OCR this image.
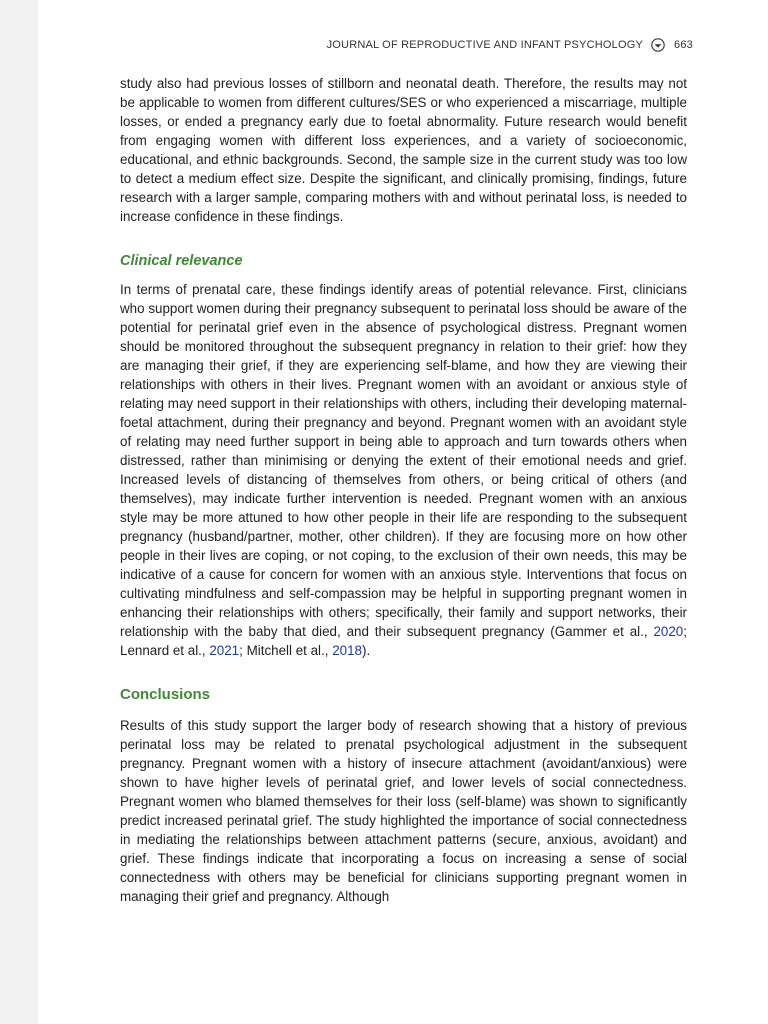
JOURNAL OF REPRODUCTIVE AND INFANT PSYCHOLOGY	663

study also had previous losses of stillborn and neonatal death. Therefore, the results may not be applicable to women from different cultures/SES or who experienced a miscarriage, multiple losses, or ended a pregnancy early due to foetal abnormality. Future research would benefit from engaging women with different loss experiences, and a variety of socioeconomic, educational, and ethnic backgrounds. Second, the sample size in the current study was too low to detect a medium effect size. Despite the significant, and clinically promising, findings, future research with a larger sample, comparing mothers with and without perinatal loss, is needed to increase confidence in these findings.

Clinical relevance

In terms of prenatal care, these findings identify areas of potential relevance. First, clinicians who support women during their pregnancy subsequent to perinatal loss should be aware of the potential for perinatal grief even in the absence of psychological distress. Pregnant women should be monitored throughout the subsequent pregnancy in relation to their grief: how they are managing their grief, if they are experiencing self-blame, and how they are viewing their relationships with others in their lives. Pregnant women with an avoidant or anxious style of relating may need support in their relationships with others, including their developing maternal-foetal attachment, during their pregnancy and beyond. Pregnant women with an avoidant style of relating may need further support in being able to approach and turn towards others when distressed, rather than minimising or denying the extent of their emotional needs and grief. Increased levels of distancing of themselves from others, or being critical of others (and themselves), may indicate further intervention is needed. Pregnant women with an anxious style may be more attuned to how other people in their life are responding to the subsequent pregnancy (husband/partner, mother, other children). If they are focusing more on how other people in their lives are coping, or not coping, to the exclusion of their own needs, this may be indicative of a cause for concern for women with an anxious style. Interventions that focus on cultivating mindfulness and self-compassion may be helpful in supporting pregnant women in enhancing their relationships with others; specifically, their family and support networks, their relationship with the baby that died, and their subsequent pregnancy (Gammer et al., 2020; Lennard et al., 2021; Mitchell et al., 2018).

Conclusions

Results of this study support the larger body of research showing that a history of previous perinatal loss may be related to prenatal psychological adjustment in the subsequent pregnancy. Pregnant women with a history of insecure attachment (avoidant/anxious) were shown to have higher levels of perinatal grief, and lower levels of social connectedness. Pregnant women who blamed themselves for their loss (self-blame) was shown to significantly predict increased perinatal grief. The study highlighted the importance of social connectedness in mediating the relationships between attachment patterns (secure, anxious, avoidant) and grief. These findings indicate that incorporating a focus on increasing a sense of social connectedness with others may be beneficial for clinicians supporting pregnant women in managing their grief and pregnancy. Although
